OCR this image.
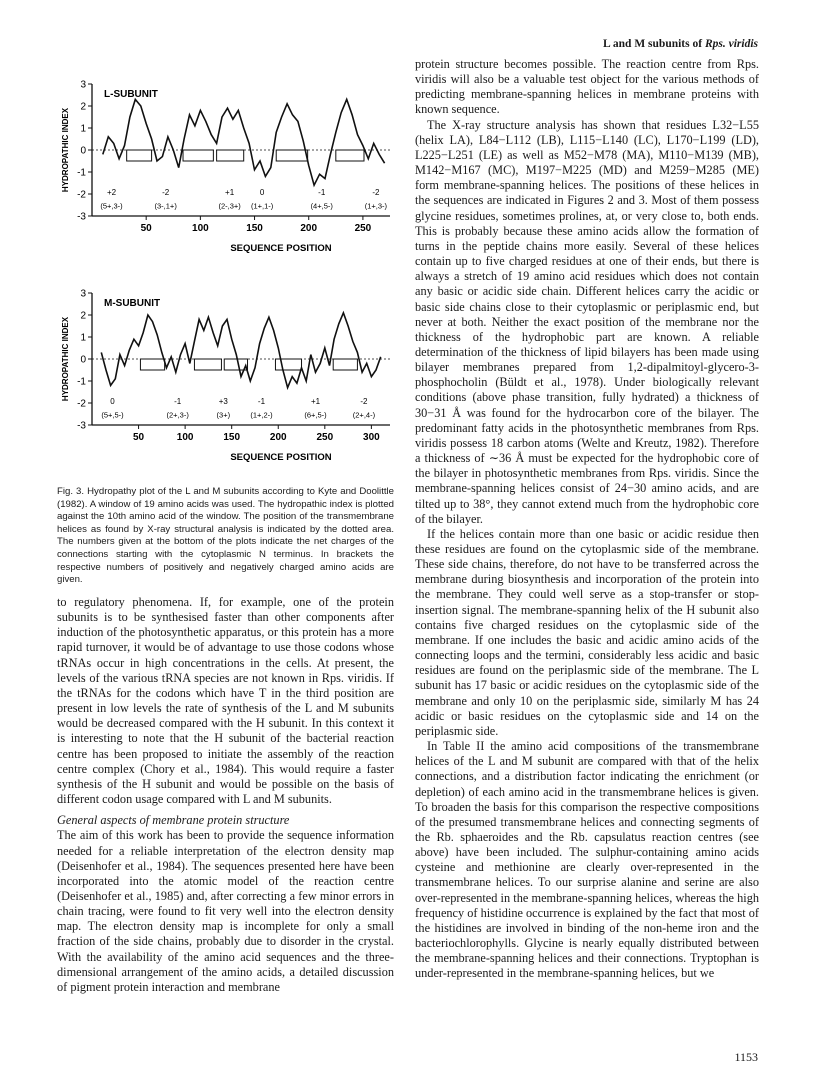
L and M subunits of Rps. viridis
HYDROPATHIC INDEX
L-SUBUNIT
3
2
1
0
-1
-2
-3
50	100	150	200	250
+2
(5+,3-)
-2
(3-,1+)
+1
(2-,3+)
0
(1+,1-)
-1
(4+,5-)
-2
(1+,3-)
SEQUENCE POSITION
HYDROPATHIC INDEX
M-SUBUNIT
3
2
1
0
-1
-2
-3
50	100	150	200	250	300
0
(5+,5-)
-1
(2+,3-)
+3
(3+)
-1
(1+,2-)
+1
(6+,5-)
-2
(2+,4-)
SEQUENCE POSITION
Fig. 3. Hydropathy plot of the L and M subunits according to Kyte and Doolittle (1982). A window of 19 amino acids was used. The hydropathic index is plotted against the 10th amino acid of the window. The position of the transmembrane helices as found by X-ray structural analysis is indicated by the dotted area. The numbers given at the bottom of the plots indicate the net charges of the connections starting with the cytoplasmic N terminus. In brackets the respective numbers of positively and negatively charged amino acids are given.

to regulatory phenomena. If, for example, one of the protein subunits is to be synthesised faster than other components after induction of the photosynthetic apparatus, or this protein has a more rapid turnover, it would be of advantage to use those codons whose tRNAs occur in high concentrations in the cells. At present, the levels of the various tRNA species are not known in Rps. viridis. If the tRNAs for the codons which have T in the third position are present in low levels the rate of synthesis of the L and M subunits would be decreased compared with the H subunit. In this context it is interesting to note that the H subunit of the bacterial reaction centre has been proposed to initiate the assembly of the reaction centre complex (Chory et al., 1984). This would require a faster synthesis of the H subunit and would be possible on the basis of different codon usage compared with L and M subunits.

General aspects of membrane protein structure

The aim of this work has been to provide the sequence information needed for a reliable interpretation of the electron density map (Deisenhofer et al., 1984). The sequences presented here have been incorporated into the atomic model of the reaction centre (Deisenhofer et al., 1985) and, after correcting a few minor errors in chain tracing, were found to fit very well into the electron density map. The electron density map is incomplete for only a small fraction of the side chains, probably due to disorder in the crystal. With the availability of the amino acid sequences and the three-dimensional arrangement of the amino acids, a detailed discussion of pigment protein interaction and membrane

protein structure becomes possible. The reaction centre from Rps. viridis will also be a valuable test object for the various methods of predicting membrane-spanning helices in membrane proteins with known sequence.

The X-ray structure analysis has shown that residues L32−L55 (helix LA), L84−L112 (LB), L115−L140 (LC), L170−L199 (LD), L225−L251 (LE) as well as M52−M78 (MA), M110−M139 (MB), M142−M167 (MC), M197−M225 (MD) and M259−M285 (ME) form membrane-spanning helices. The positions of these helices in the sequences are indicated in Figures 2 and 3. Most of them possess glycine residues, sometimes prolines, at, or very close to, both ends. This is probably because these amino acids allow the formation of turns in the peptide chains more easily. Several of these helices contain up to five charged residues at one of their ends, but there is always a stretch of 19 amino acid residues which does not contain any basic or acidic side chain. Different helices carry the acidic or basic side chains close to their cytoplasmic or periplasmic end, but never at both. Neither the exact position of the membrane nor the thickness of the hydrophobic part are known. A reliable determination of the thickness of lipid bilayers has been made using bilayer membranes prepared from 1,2-dipalmitoyl-glycero-3-phosphocholin (Büldt et al., 1978). Under biologically relevant conditions (above phase transition, fully hydrated) a thickness of 30−31 Å was found for the hydrocarbon core of the bilayer. The predominant fatty acids in the photosynthetic membranes from Rps. viridis possess 18 carbon atoms (Welte and Kreutz, 1982). Therefore a thickness of ∼36 Å must be expected for the hydrophobic core of the bilayer in photosynthetic membranes from Rps. viridis. Since the membrane-spanning helices consist of 24−30 amino acids, and are tilted up to 38°, they cannot extend much from the hydrophobic core of the bilayer.

If the helices contain more than one basic or acidic residue then these residues are found on the cytoplasmic side of the membrane. These side chains, therefore, do not have to be transferred across the membrane during biosynthesis and incorporation of the protein into the membrane. They could well serve as a stop-transfer or stop-insertion signal. The membrane-spanning helix of the H subunit also contains five charged residues on the cytoplasmic side of the membrane. If one includes the basic and acidic amino acids of the connecting loops and the termini, considerably less acidic and basic residues are found on the periplasmic side of the membrane. The L subunit has 17 basic or acidic residues on the cytoplasmic side of the membrane and only 10 on the periplasmic side, similarly M has 24 acidic or basic residues on the cytoplasmic side and 14 on the periplasmic side.

In Table II the amino acid compositions of the transmembrane helices of the L and M subunit are compared with that of the helix connections, and a distribution factor indicating the enrichment (or depletion) of each amino acid in the transmembrane helices is given. To broaden the basis for this comparison the respective compositions of the presumed transmembrane helices and connecting segments of the Rb. sphaeroides and the Rb. capsulatus reaction centres (see above) have been included. The sulphur-containing amino acids cysteine and methionine are clearly over-represented in the transmembrane helices. To our surprise alanine and serine are also over-represented in the membrane-spanning helices, whereas the high frequency of histidine occurrence is explained by the fact that most of the histidines are involved in binding of the non-heme iron and the bacteriochlorophylls. Glycine is nearly equally distributed between the membrane-spanning helices and their connections. Tryptophan is under-represented in the membrane-spanning helices, but we

1153
